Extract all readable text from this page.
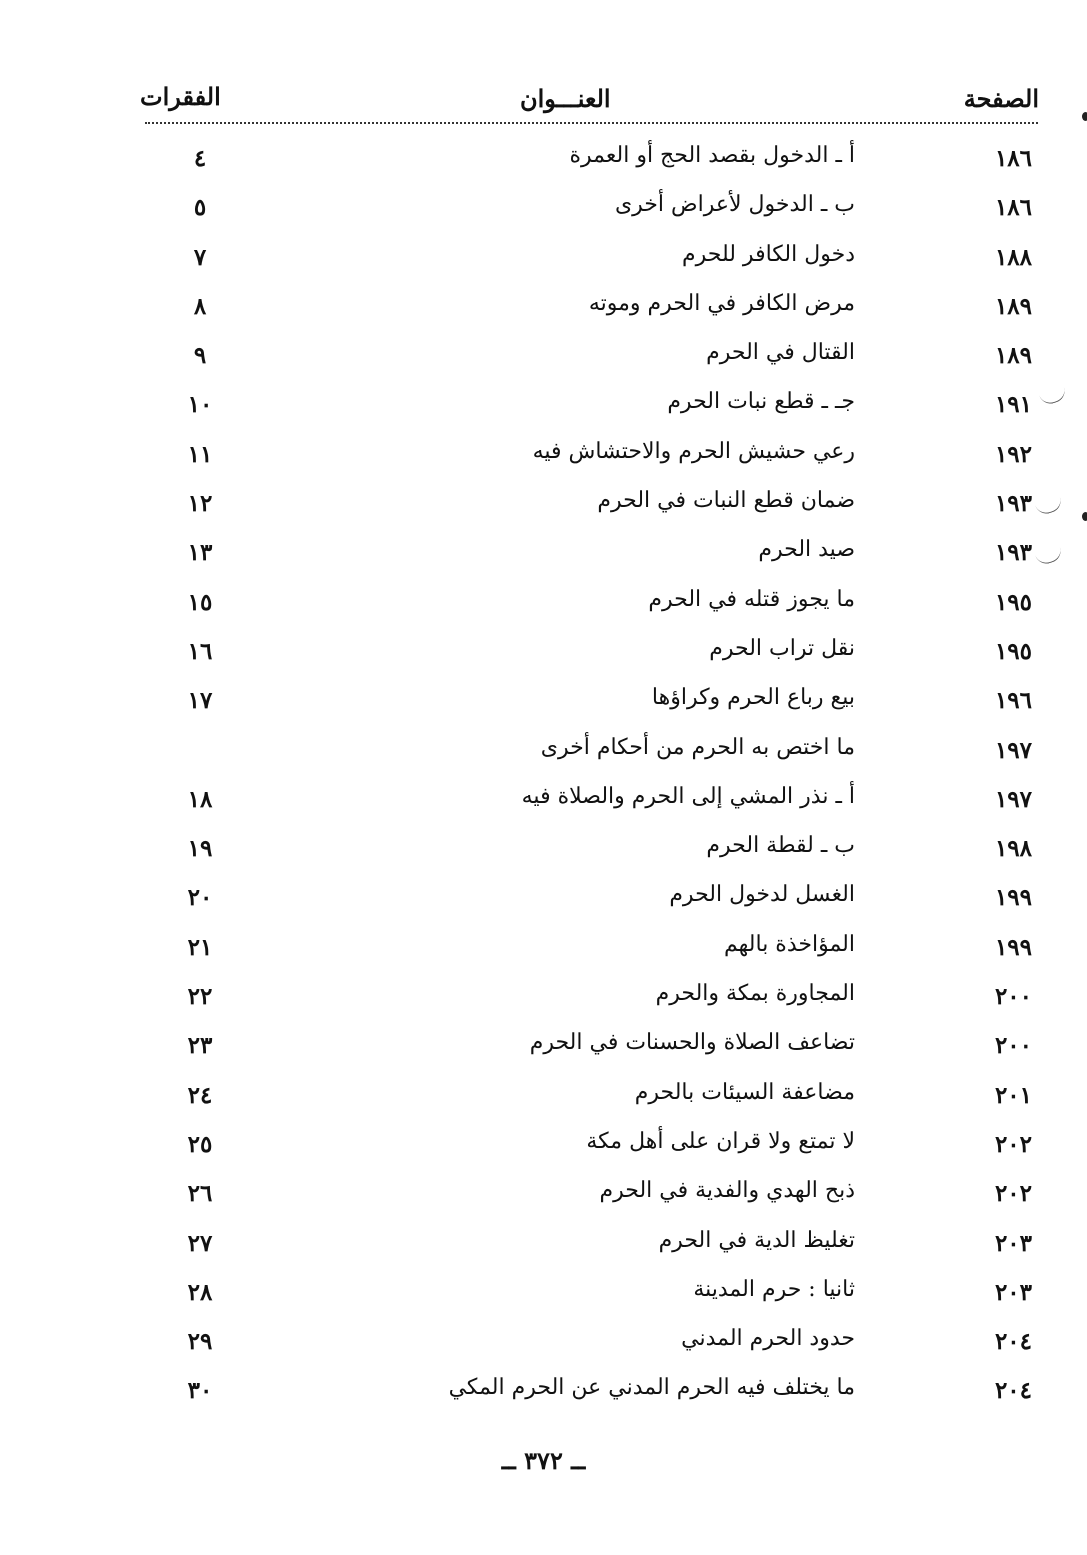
الصفحة
العنـــوان
الفقرات
١٨٦
أ ـ الدخول بقصد الحج أو العمرة
٤
١٨٦
ب ـ الدخول لأعراض أخرى
٥
١٨٨
دخول الكافر للحرم
٧
١٨٩
مرض الكافر في الحرم وموته
٨
١٨٩
القتال في الحرم
٩
١٩١
جـ ـ قطع نبات الحرم
١٠
١٩٢
رعي حشيش الحرم والاحتشاش فيه
١١
١٩٣
ضمان قطع النبات في الحرم
١٢
١٩٣
صيد الحرم
١٣
١٩٥
ما يجوز قتله في الحرم
١٥
١٩٥
نقل تراب الحرم
١٦
١٩٦
بيع رباع الحرم وكراؤها
١٧
١٩٧
ما اختص به الحرم من أحكام أخرى
١٩٧
أ ـ نذر المشي إلى الحرم والصلاة فيه
١٨
١٩٨
ب ـ لقطة الحرم
١٩
١٩٩
الغسل لدخول الحرم
٢٠
١٩٩
المؤاخذة بالهم
٢١
٢٠٠
المجاورة بمكة والحرم
٢٢
٢٠٠
تضاعف الصلاة والحسنات في الحرم
٢٣
٢٠١
مضاعفة السيئات بالحرم
٢٤
٢٠٢
لا تمتع ولا قران على أهل مكة
٢٥
٢٠٢
ذبح الهدي والفدية في الحرم
٢٦
٢٠٣
تغليظ الدية في الحرم
٢٧
٢٠٣
ثانيا : حرم المدينة
٢٨
٢٠٤
حدود الحرم المدني
٢٩
٢٠٤
ما يختلف فيه الحرم المدني عن الحرم المكي
٣٠
ــ ٣٧٢ ــ
